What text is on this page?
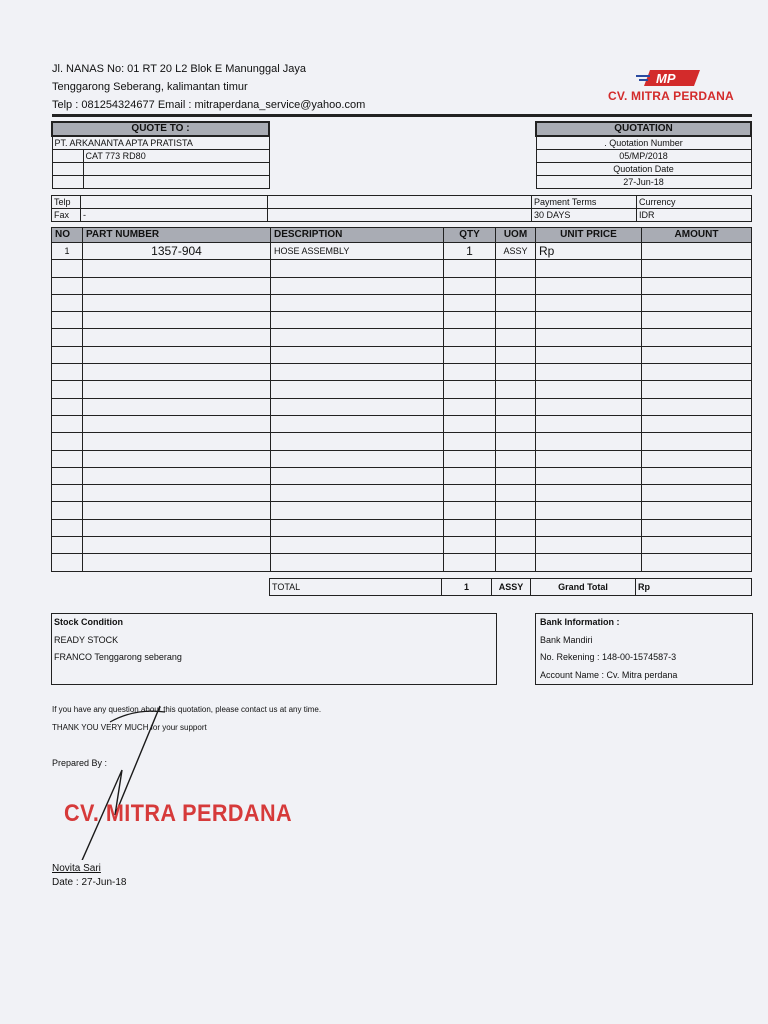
Jl. NANAS No: 01 RT 20 L2 Blok E Manunggal Jaya
Tenggarong Seberang, kalimantan timur
Telp : 081254324677 Email : mitraperdana_service@yahoo.com
MP
CV. MITRA PERDANA
QUOTE TO :	
PT. ARKANANTA APTA PRATISTA	
	CAT 773 RD80

QUOTATION
. Quotation Number
05/MP/2018
Quotation Date
27-Jun-18
Telp			Payment Terms	Currency
Fax	-		30 DAYS	IDR
NO	PART NUMBER	DESCRIPTION	QTY	UOM	UNIT PRICE	AMOUNT
1	1357-904	HOSE ASSEMBLY	1	ASSY	Rp	

TOTAL	1	ASSY	Grand Total	Rp
Stock Condition
READY STOCK
FRANCO Tenggarong seberang
Bank Information :
Bank Mandiri
No. Rekening : 148-00-1574587-3
Account Name : Cv. Mitra perdana
If you have any question about this quotation, please contact us at any time.
THANK YOU VERY MUCH for your support
Prepared By :
CV. MITRA PERDANA
Novita Sari
Date : 27-Jun-18
